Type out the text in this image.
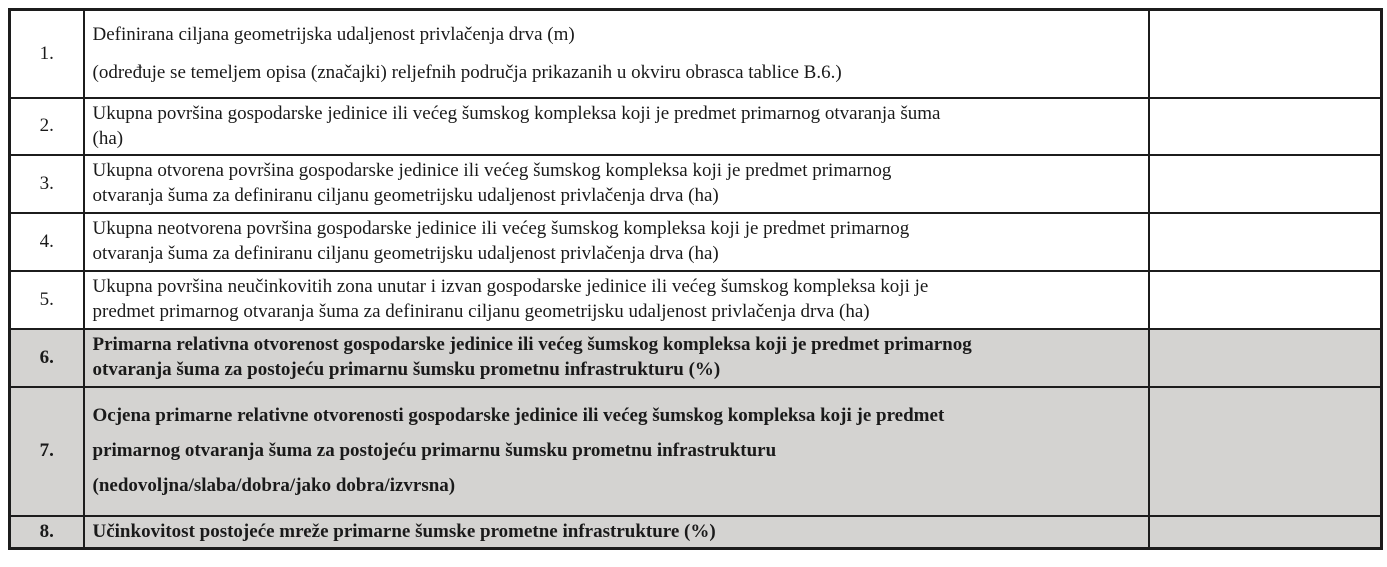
1.	Definirana ciljana geometrijska udaljenost privlačenja drva (m)
(određuje se temeljem opisa (značajki) reljefnih područja prikazanih u okviru obrasca tablice B.6.)	

2.	Ukupna površina gospodarske jedinice ili većeg šumskog kompleksa koji je predmet primarnog otvaranja šuma
(ha)	

3.	Ukupna otvorena površina gospodarske jedinice ili većeg šumskog kompleksa koji je predmet primarnog
otvaranja šuma za definiranu ciljanu geometrijsku udaljenost privlačenja drva (ha)	

4.	Ukupna neotvorena površina gospodarske jedinice ili većeg šumskog kompleksa koji je predmet primarnog
otvaranja šuma za definiranu ciljanu geometrijsku udaljenost privlačenja drva (ha)	

5.	Ukupna površina neučinkovitih zona unutar i izvan gospodarske jedinice ili većeg šumskog kompleksa koji je
predmet primarnog otvaranja šuma za definiranu ciljanu geometrijsku udaljenost privlačenja drva (ha)	

6.	Primarna relativna otvorenost gospodarske jedinice ili većeg šumskog kompleksa koji je predmet primarnog
otvaranja šuma za postojeću primarnu šumsku prometnu infrastrukturu (%)	

7.	Ocjena primarne relativne otvorenosti gospodarske jedinice ili većeg šumskog kompleksa koji je predmet
primarnog otvaranja šuma za postojeću primarnu šumsku prometnu infrastrukturu
(nedovoljna/slaba/dobra/jako dobra/izvrsna)	

8.	Učinkovitost postojeće mreže primarne šumske prometne infrastrukture (%)	
